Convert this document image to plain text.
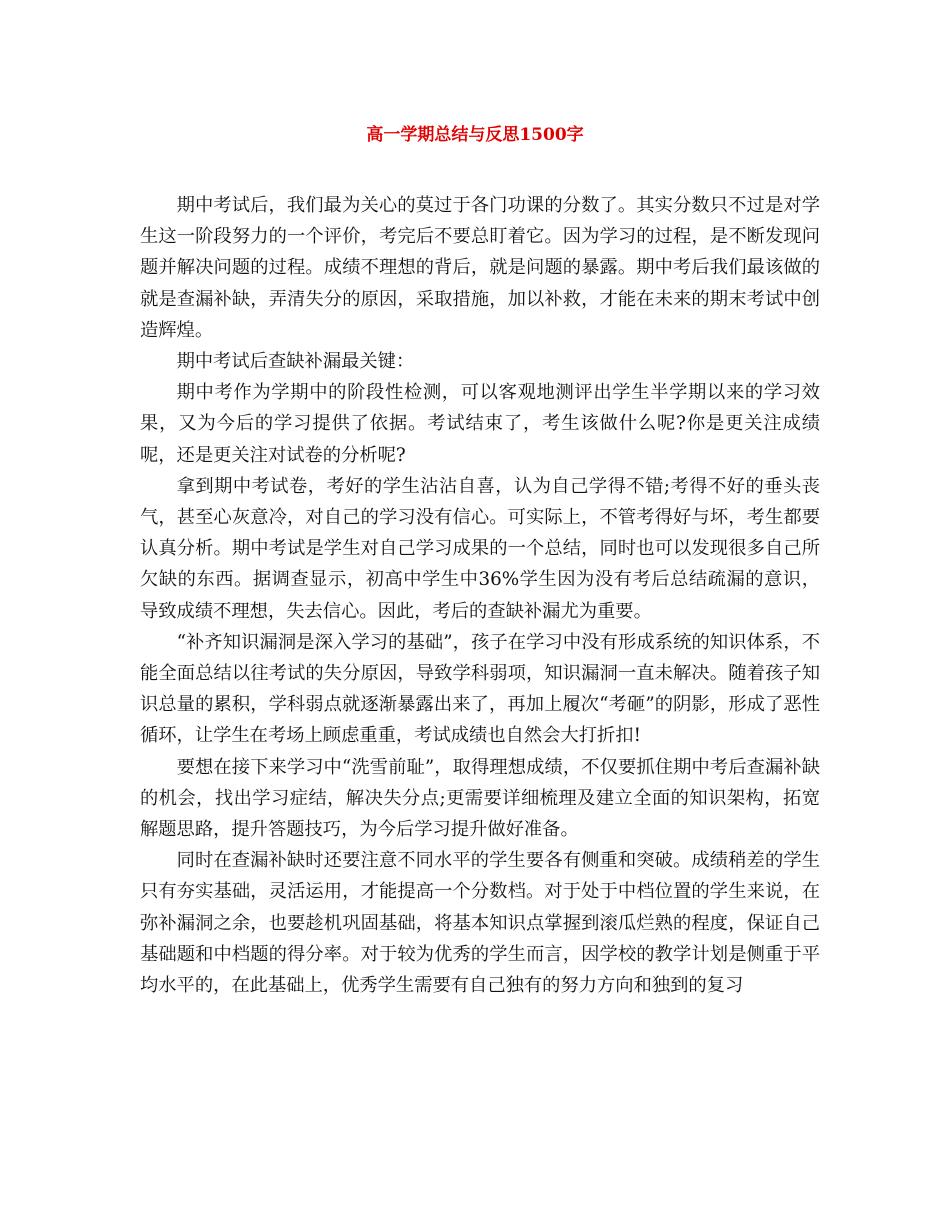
高一学期总结与反思1500字

期中考试后，我们最为关心的莫过于各门功课的分数了。其实分数只不过是对学生这一阶段努力的一个评价，考完后不要总盯着它。因为学习的过程，是不断发现问题并解决问题的过程。成绩不理想的背后，就是问题的暴露。期中考后我们最该做的就是查漏补缺，弄清失分的原因，采取措施，加以补救，才能在未来的期末考试中创造辉煌。

期中考试后查缺补漏最关键：

期中考作为学期中的阶段性检测，可以客观地测评出学生半学期以来的学习效果，又为今后的学习提供了依据。考试结束了，考生该做什么呢?你是更关注成绩呢，还是更关注对试卷的分析呢?

拿到期中考试卷，考好的学生沾沾自喜，认为自己学得不错;考得不好的垂头丧气，甚至心灰意冷，对自己的学习没有信心。可实际上，不管考得好与坏，考生都要认真分析。期中考试是学生对自己学习成果的一个总结，同时也可以发现很多自己所欠缺的东西。据调查显示，初高中学生中36%学生因为没有考后总结疏漏的意识，导致成绩不理想，失去信心。因此，考后的查缺补漏尤为重要。

“补齐知识漏洞是深入学习的基础”，孩子在学习中没有形成系统的知识体系，不能全面总结以往考试的失分原因，导致学科弱项，知识漏洞一直未解决。随着孩子知识总量的累积，学科弱点就逐渐暴露出来了，再加上履次“考砸”的阴影，形成了恶性循环，让学生在考场上顾虑重重，考试成绩也自然会大打折扣!

要想在接下来学习中“洗雪前耻”，取得理想成绩，不仅要抓住期中考后查漏补缺的机会，找出学习症结，解决失分点;更需要详细梳理及建立全面的知识架构，拓宽解题思路，提升答题技巧，为今后学习提升做好准备。

同时在查漏补缺时还要注意不同水平的学生要各有侧重和突破。成绩稍差的学生只有夯实基础，灵活运用，才能提高一个分数档。对于处于中档位置的学生来说，在弥补漏洞之余，也要趁机巩固基础，将基本知识点掌握到滚瓜烂熟的程度，保证自己基础题和中档题的得分率。对于较为优秀的学生而言，因学校的教学计划是侧重于平均水平的，在此基础上，优秀学生需要有自己独有的努力方向和独到的复习
